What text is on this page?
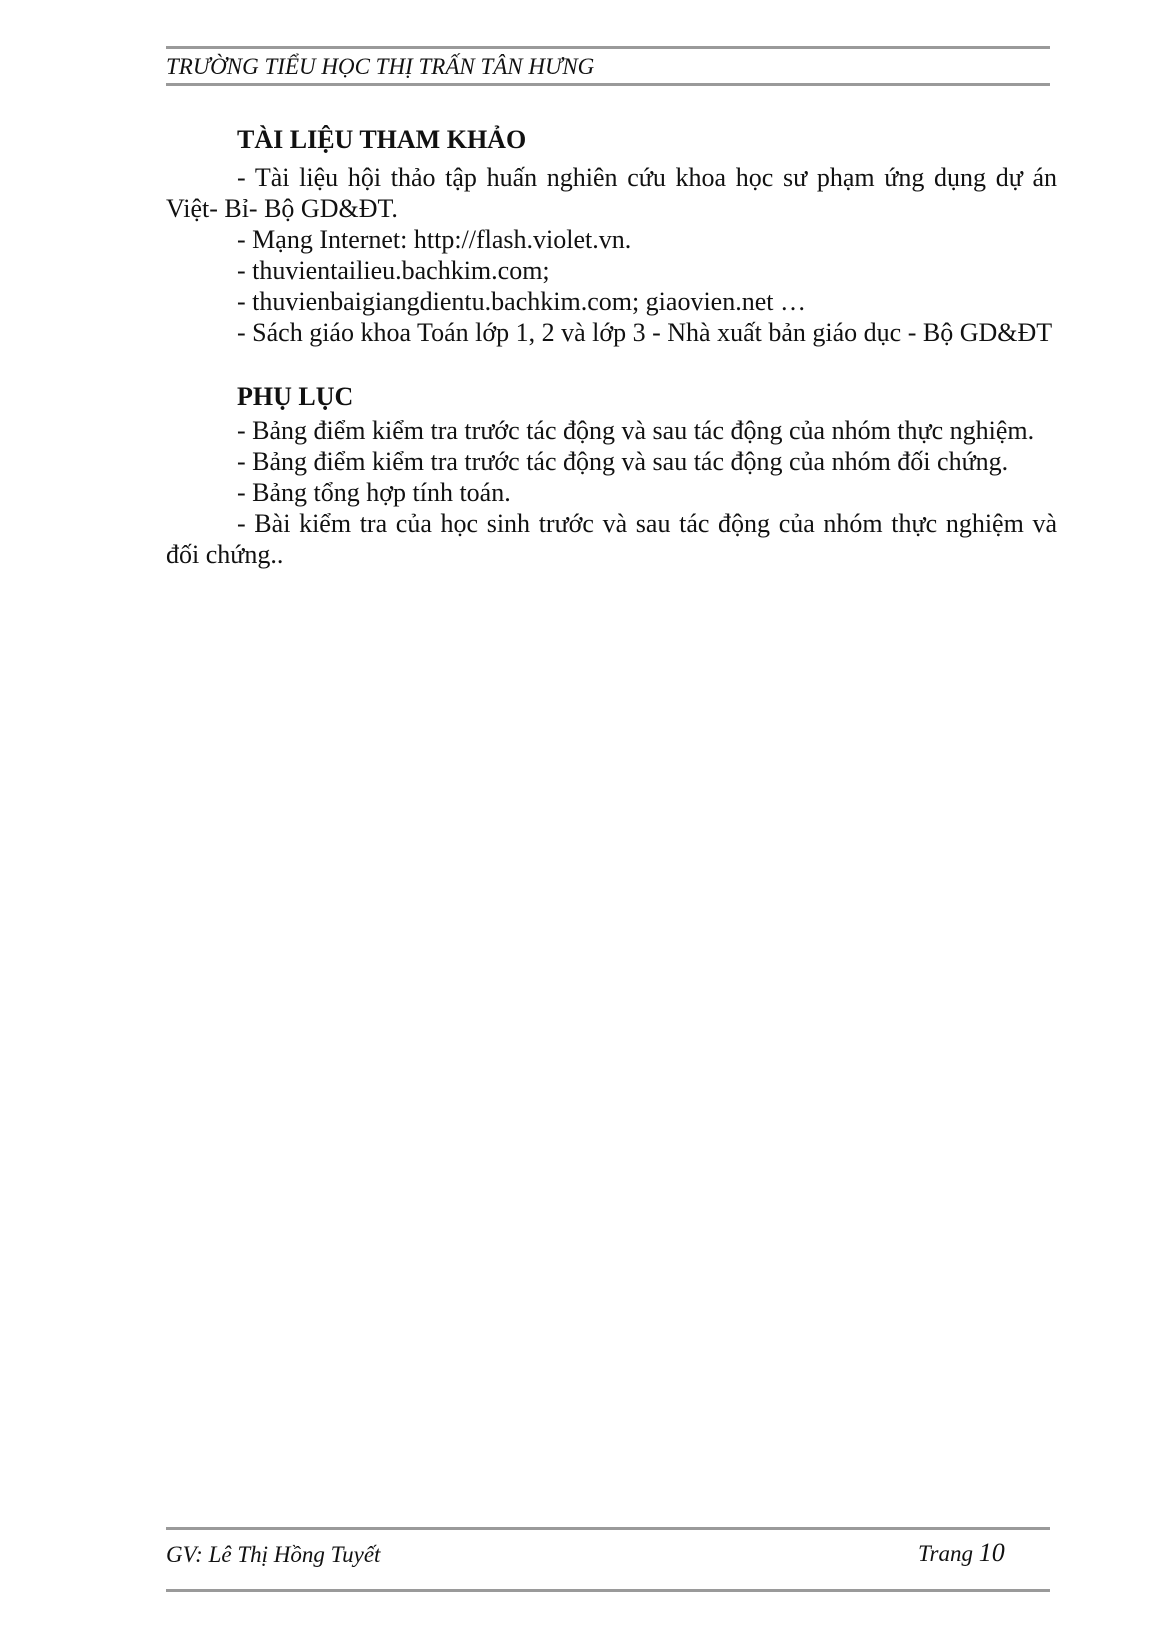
TRƯỜNG TIỂU HỌC THỊ TRẤN TÂN HƯNG

TÀI LIỆU THAM KHẢO

- Tài liệu hội thảo tập huấn nghiên cứu khoa học sư phạm ứng dụng dự án Việt- Bỉ- Bộ GD&ĐT.

- Mạng Internet: http://flash.violet.vn.

- thuvientailieu.bachkim.com;

- thuvienbaigiangdientu.bachkim.com; giaovien.net …

- Sách giáo khoa Toán lớp 1, 2 và lớp 3 - Nhà xuất bản giáo dục - Bộ GD&ĐT

PHỤ LỤC

- Bảng điểm kiểm tra trước tác động và sau tác động của nhóm thực nghiệm.

- Bảng điểm kiểm tra trước tác động và sau tác động của nhóm đối chứng.

- Bảng tổng hợp tính toán.

- Bài kiểm tra của học sinh trước và sau tác động của nhóm thực nghiệm và đối chứng..

GV: Lê Thị Hồng Tuyết	Trang 10
